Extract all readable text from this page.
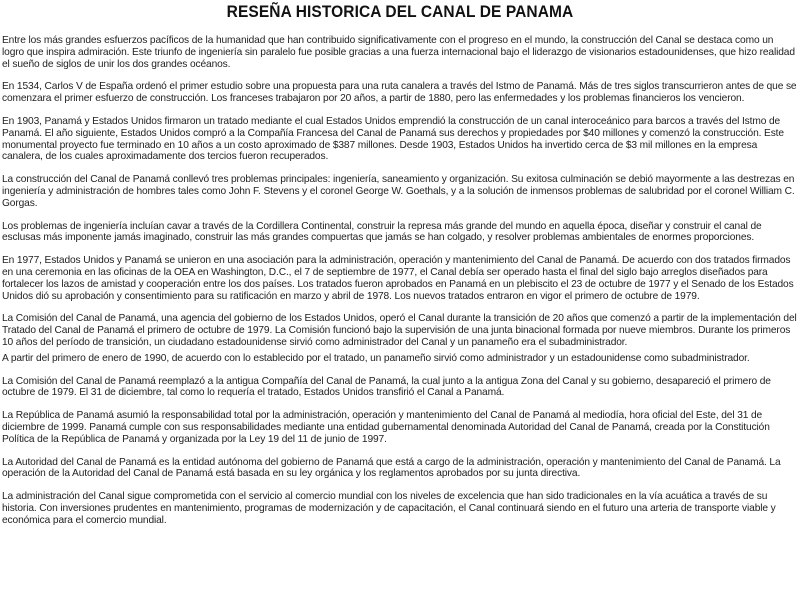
RESEÑA HISTORICA DEL CANAL DE PANAMA

Entre los más grandes esfuerzos pacíficos de la humanidad que han contribuido significativamente con el progreso en el mundo, la construcción del Canal se destaca como un logro que inspira admiración. Este triunfo de ingeniería sin paralelo fue posible gracias a una fuerza internacional bajo el liderazgo de visionarios estadounidenses, que hizo realidad el sueño de siglos de unir los dos grandes océanos.

En 1534, Carlos V de España ordenó el primer estudio sobre una propuesta para una ruta canalera a través del Istmo de Panamá. Más de tres siglos transcurrieron antes de que se comenzara el primer esfuerzo de construcción. Los franceses trabajaron por 20 años, a partir de 1880, pero las enfermedades y los problemas financieros los vencieron.

En 1903, Panamá y Estados Unidos firmaron un tratado mediante el cual Estados Unidos emprendió la construcción de un canal interoceánico para barcos a través del Istmo de Panamá. El año siguiente, Estados Unidos compró a la Compañía Francesa del Canal de Panamá sus derechos y propiedades por $40 millones y comenzó la construcción. Este monumental proyecto fue terminado en 10 años a un costo aproximado de $387 millones. Desde 1903, Estados Unidos ha invertido cerca de $3 mil millones en la empresa canalera, de los cuales aproximadamente dos tercios fueron recuperados.

La construcción del Canal de Panamá conllevó tres problemas principales: ingeniería, saneamiento y organización. Su exitosa culminación se debió mayormente a las destrezas en ingeniería y administración de hombres tales como John F. Stevens y el coronel George W. Goethals, y a la solución de inmensos problemas de salubridad por el coronel William C. Gorgas.

Los problemas de ingeniería incluían cavar a través de la Cordillera Continental, construir la represa más grande del mundo en aquella época, diseñar y construir el canal de esclusas más imponente jamás imaginado, construir las más grandes compuertas que jamás se han colgado, y resolver problemas ambientales de enormes proporciones.

En 1977, Estados Unidos y Panamá se unieron en una asociación para la administración, operación y mantenimiento del Canal de Panamá. De acuerdo con dos tratados firmados en una ceremonia en las oficinas de la OEA en Washington, D.C., el 7 de septiembre de 1977, el Canal debía ser operado hasta el final del siglo bajo arreglos diseñados para fortalecer los lazos de amistad y cooperación entre los dos países. Los tratados fueron aprobados en Panamá en un plebiscito el 23 de octubre de 1977 y el Senado de los Estados Unidos dió su aprobación y consentimiento para su ratificación en marzo y abril de 1978. Los nuevos tratados entraron en vigor el primero de octubre de 1979.

La Comisión del Canal de Panamá, una agencia del gobierno de los Estados Unidos, operó el Canal durante la transición de 20 años que comenzó a partir de la implementación del Tratado del Canal de Panamá el primero de octubre de 1979. La Comisión funcionó bajo la supervisión de una junta binacional formada por nueve miembros. Durante los primeros 10 años del período de transición, un ciudadano estadounidense sirvió como administrador del Canal y un panameño era el subadministrador.

A partir del primero de enero de 1990, de acuerdo con lo establecido por el tratado, un panameño sirvió como administrador y un estadounidense como subadministrador.

La Comisión del Canal de Panamá reemplazó a la antigua Compañía del Canal de Panamá, la cual junto a la antigua Zona del Canal y su gobierno, desapareció el primero de octubre de 1979. El 31 de diciembre, tal como lo requería el tratado, Estados Unidos transfirió el Canal a Panamá.

La República de Panamá asumió la responsabilidad total por la administración, operación y mantenimiento del Canal de Panamá al mediodía, hora oficial del Este, del 31 de diciembre de 1999. Panamá cumple con sus responsabilidades mediante una entidad gubernamental denominada Autoridad del Canal de Panamá, creada por la Constitución Política de la República de Panamá y organizada por la Ley 19 del 11 de junio de 1997.

La Autoridad del Canal de Panamá es la entidad autónoma del gobierno de Panamá que está a cargo de la administración, operación y mantenimiento del Canal de Panamá. La operación de la Autoridad del Canal de Panamá está basada en su ley orgánica y los reglamentos aprobados por su junta directiva.

La administración del Canal sigue comprometida con el servicio al comercio mundial con los niveles de excelencia que han sido tradicionales en la vía acuática a través de su historia. Con inversiones prudentes en mantenimiento, programas de modernización y de capacitación, el Canal continuará siendo en el futuro una arteria de transporte viable y económica para el comercio mundial.
